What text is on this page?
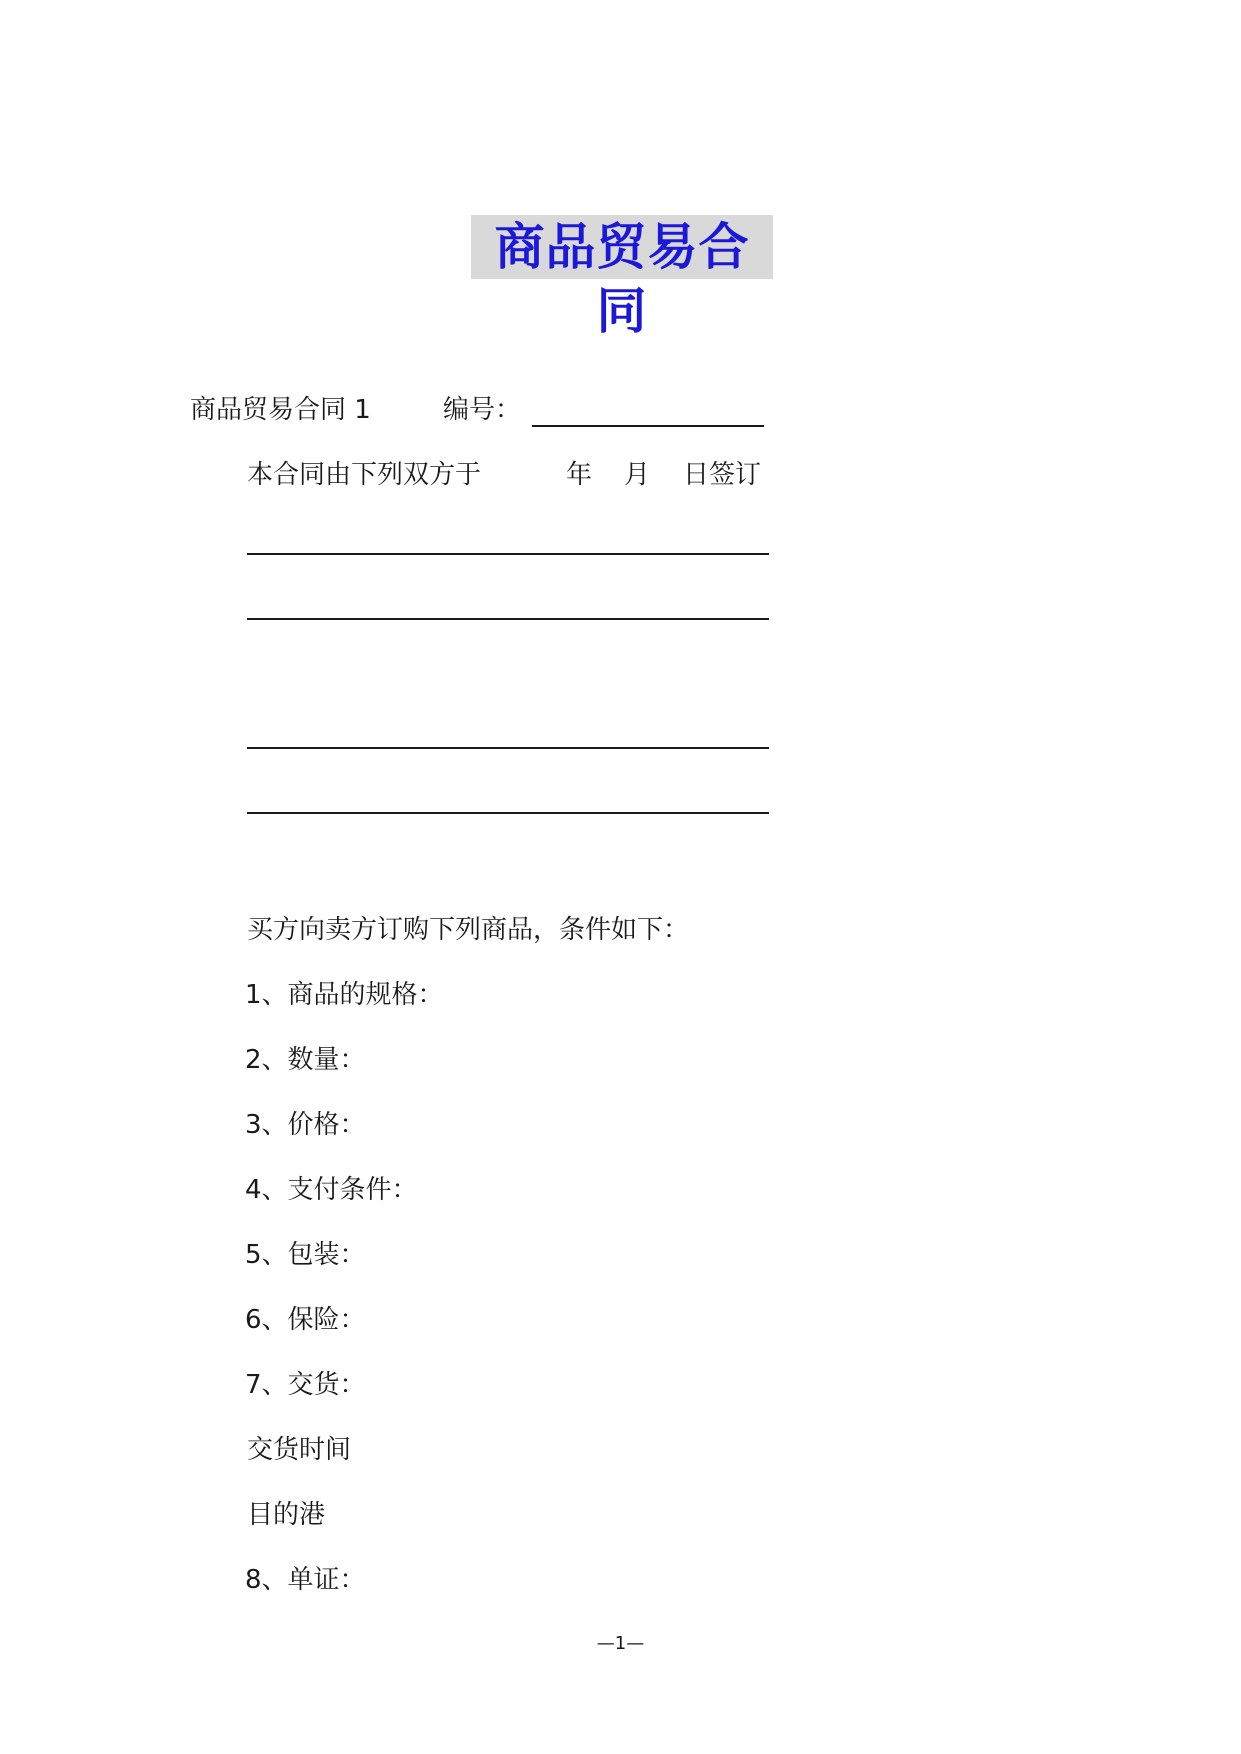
商品贸易合同
商品贸易合同 1	编号：
本合同由下列双方于	年 月 日签订
买方向卖方订购下列商品，条件如下：
1、商品的规格：
2、数量：
3、价格：
4、支付条件：
5、包装：
6、保险：
7、交货：
交货时间
目的港
8、单证：
—1—
